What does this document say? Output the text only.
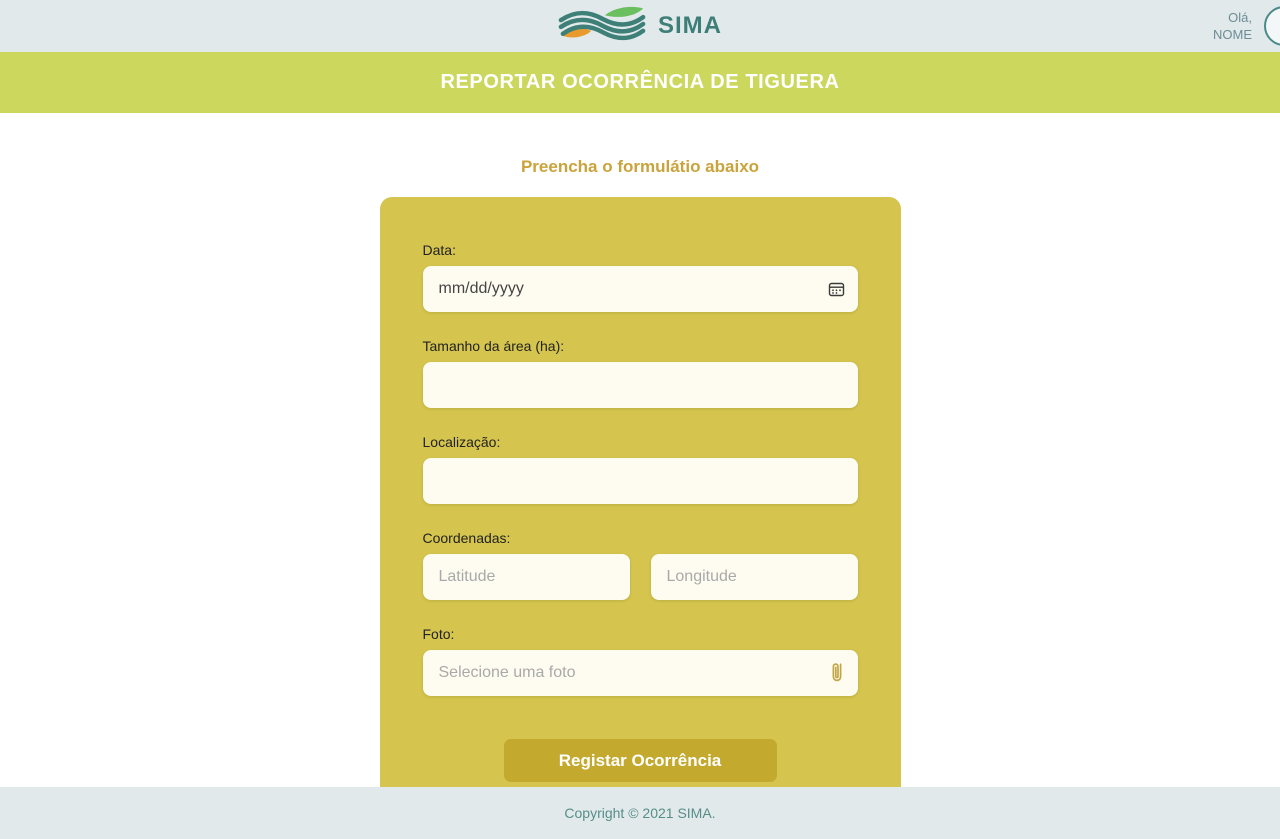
SIMA	Olá,
NOME
REPORTAR OCORRÊNCIA DE TIGUERA
Preencha o formulátio abaixo
Data:
mm/dd/yyyy
Tamanho da área (ha):
Localização:
Coordenadas:
Latitude
Longitude
Foto:
Selecione uma foto
Registar Ocorrência
Copyright © 2021 SIMA.
